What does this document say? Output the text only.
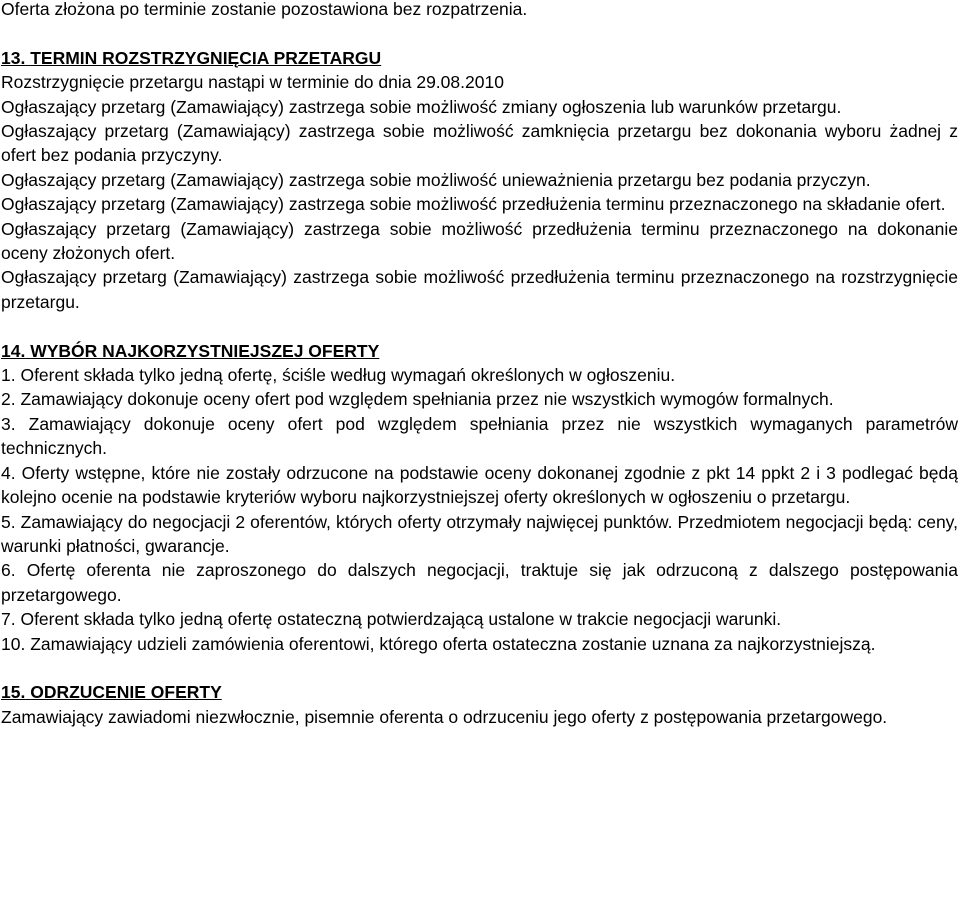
Oferta złożona po terminie zostanie pozostawiona bez rozpatrzenia.

13. TERMIN ROZSTRZYGNIĘCIA PRZETARGU

Rozstrzygnięcie przetargu nastąpi w terminie do dnia 29.08.2010

Ogłaszający przetarg (Zamawiający) zastrzega sobie możliwość zmiany ogłoszenia lub warunków przetargu.

Ogłaszający przetarg (Zamawiający) zastrzega sobie możliwość zamknięcia przetargu bez dokonania wyboru żadnej z ofert bez podania przyczyny.

Ogłaszający przetarg (Zamawiający) zastrzega sobie możliwość unieważnienia przetargu bez podania przyczyn.

Ogłaszający przetarg (Zamawiający) zastrzega sobie możliwość przedłużenia terminu przeznaczonego na składanie ofert.

Ogłaszający przetarg (Zamawiający) zastrzega sobie możliwość przedłużenia terminu przeznaczonego na dokonanie oceny złożonych ofert.

Ogłaszający przetarg (Zamawiający) zastrzega sobie możliwość przedłużenia terminu przeznaczonego na rozstrzygnięcie przetargu.

14. WYBÓR NAJKORZYSTNIEJSZEJ OFERTY

1. Oferent składa tylko jedną ofertę, ściśle według wymagań określonych w ogłoszeniu.

2. Zamawiający dokonuje oceny ofert pod względem spełniania przez nie wszystkich wymogów formalnych.

3. Zamawiający dokonuje oceny ofert pod względem spełniania przez nie wszystkich wymaganych parametrów technicznych.

4. Oferty wstępne, które nie zostały odrzucone na podstawie oceny dokonanej zgodnie z pkt 14 ppkt 2 i 3 podlegać będą kolejno ocenie na podstawie kryteriów wyboru najkorzystniejszej oferty określonych w ogłoszeniu o przetargu.

5. Zamawiający do negocjacji 2 oferentów, których oferty otrzymały najwięcej punktów. Przedmiotem negocjacji będą: ceny, warunki płatności, gwarancje.

6. Ofertę oferenta nie zaproszonego do dalszych negocjacji, traktuje się jak odrzuconą z dalszego postępowania przetargowego.

7. Oferent składa tylko jedną ofertę ostateczną potwierdzającą ustalone w trakcie negocjacji warunki.

10. Zamawiający udzieli zamówienia oferentowi, którego oferta ostateczna zostanie uznana za najkorzystniejszą.

15. ODRZUCENIE OFERTY

Zamawiający zawiadomi niezwłocznie, pisemnie oferenta o odrzuceniu jego oferty z postępowania przetargowego.
